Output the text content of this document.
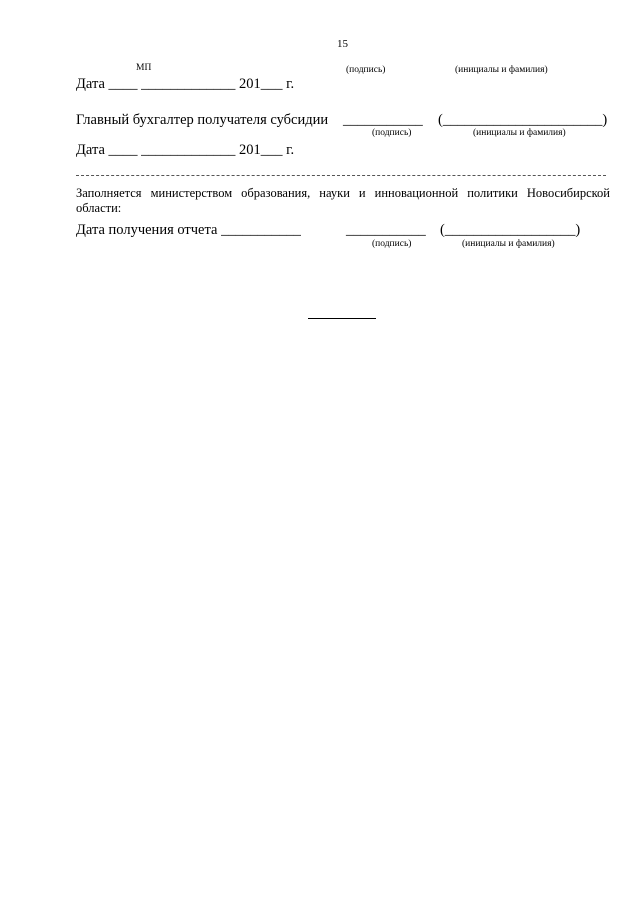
15
МП	(подпись)	(инициалы и фамилия)
Дата ____ _____________ 201___ г.
Главный бухгалтер получателя субсидии ___________ (______________________)
(подпись)	(инициалы и фамилия)
Дата ____ _____________ 201___ г.
Заполняется министерством образования, науки и инновационной политики Новосибирской области:
Дата получения отчета ___________	___________ (__________________)
(подпись)	(инициалы и фамилия)
